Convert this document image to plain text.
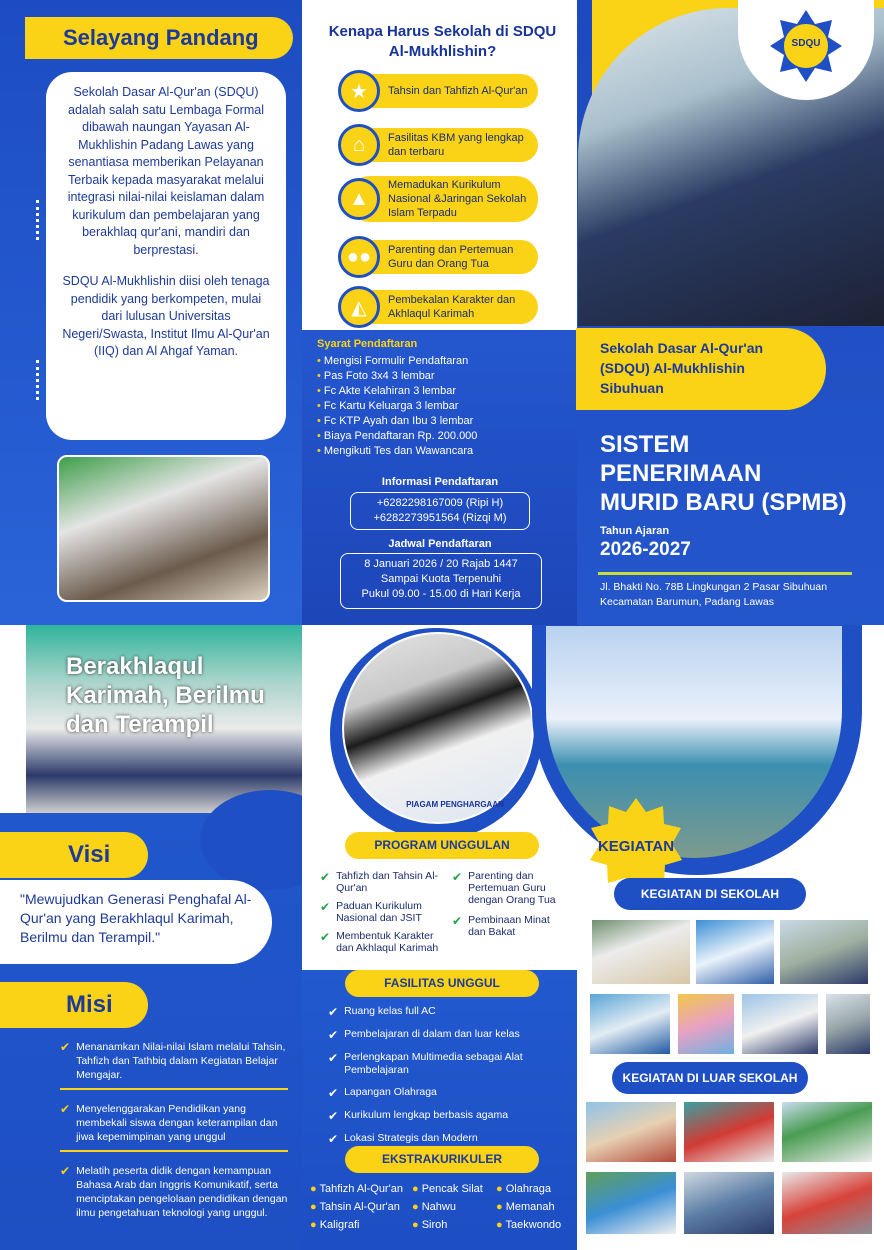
Selayang Pandang

Sekolah Dasar Al-Qur'an (SDQU) adalah salah satu Lembaga Formal dibawah naungan Yayasan Al-Mukhlishin Padang Lawas yang senantiasa memberikan Pelayanan Terbaik kepada masyarakat melalui integrasi nilai-nilai keislaman dalam kurikulum dan pembelajaran yang berakhlaq qur'ani, mandiri dan berprestasi.

SDQU Al-Mukhlishin diisi oleh tenaga pendidik yang berkompeten, mulai dari lulusan Universitas Negeri/Swasta, Institut Ilmu Al-Qur'an (IIQ) dan Al Ahgaf Yaman.

Kenapa Harus Sekolah di SDQU Al-Mukhlishin?
Tahsin dan Tahfizh Al-Qur'an
★
Fasilitas KBM yang lengkap dan terbaru
⌂
Memadukan Kurikulum Nasional &Jaringan Sekolah Islam Terpadu
▲
Parenting dan Pertemuan Guru dan Orang Tua
●●
Pembekalan Karakter dan Akhlaqul Karimah
◭
Syarat Pendaftaran
• Mengisi Formulir Pendaftaran
• Pas Foto 3x4 3 lembar
• Fc Akte Kelahiran 3 lembar
• Fc Kartu Keluarga 3 lembar
• Fc KTP Ayah dan Ibu 3 lembar
• Biaya Pendaftaran Rp. 200.000
• Mengikuti Tes dan Wawancara
Informasi Pendaftaran
+6282298167009 (Ripi H)
+6282273951564 (Rizqi M)
Jadwal Pendaftaran
8 Januari 2026 / 20 Rajab 1447
Sampai Kuota Terpenuhi
Pukul 09.00 - 15.00 di Hari Kerja
SDQU
Sekolah Dasar Al-Qur'an (SDQU) Al-Mukhlishin Sibuhuan
SISTEM
PENERIMAAN
MURID BARU (SPMB)
Tahun Ajaran
2026-2027
Jl. Bhakti No. 78B Lingkungan 2 Pasar Sibuhuan Kecamatan Barumun, Padang Lawas
Berakhlaqul Karimah, Berilmu dan Terampil
Visi
"Mewujudkan Generasi Penghafal Al-Qur'an yang Berakhlaqul Karimah, Berilmu dan Terampil."
Misi
✔ Menanamkan Nilai-nilai Islam melalui Tahsin, Tahfizh dan Tathbiq dalam Kegiatan Belajar Mengajar.
✔ Menyelenggarakan Pendidikan yang membekali siswa dengan keterampilan dan jiwa kepemimpinan yang unggul
✔ Melatih peserta didik dengan kemampuan Bahasa Arab dan Inggris Komunikatif, serta menciptakan pengelolaan pendidikan dengan ilmu pengetahuan teknologi yang unggul.
PIAGAM PENGHARGAAN
PROGRAM UNGGULAN
✔ Tahfizh dan Tahsin Al-Qur'an
✔ Paduan Kurikulum Nasional dan JSIT
✔ Membentuk Karakter dan Akhlaqul Karimah
✔ Parenting dan Pertemuan Guru dengan Orang Tua
✔ Pembinaan Minat dan Bakat
FASILITAS UNGGUL
✔ Ruang kelas full AC
✔ Pembelajaran di dalam dan luar kelas
✔ Perlengkapan Multimedia sebagai Alat Pembelajaran
✔ Lapangan Olahraga
✔ Kurikulum lengkap berbasis agama
✔ Lokasi Strategis dan Modern
EKSTRAKURIKULER
● Tahfizh Al-Qur'an
● Tahsin Al-Qur'an
● Kaligrafi
● Pencak Silat
● Nahwu
● Siroh
● Olahraga
● Memanah
● Taekwondo
KEGIATAN
KEGIATAN DI SEKOLAH
KEGIATAN DI LUAR SEKOLAH
